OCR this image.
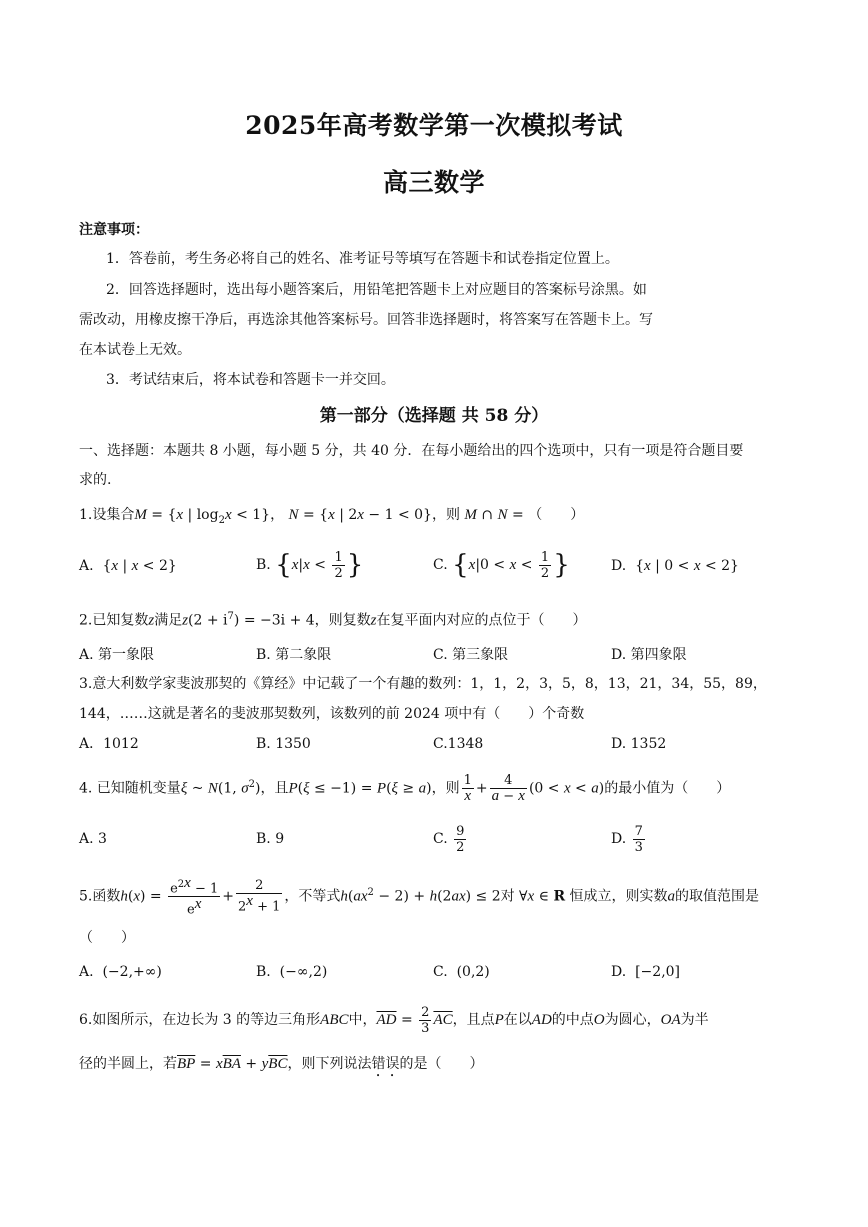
2025年高考数学第一次模拟考试
高三数学
注意事项：
1．答卷前，考生务必将自己的姓名、准考证号等填写在答题卡和试卷指定位置上。
2．回答选择题时，选出每小题答案后，用铅笔把答题卡上对应题目的答案标号涂黑。如
需改动，用橡皮擦干净后，再选涂其他答案标号。回答非选择题时，将答案写在答题卡上。写
在本试卷上无效。
3．考试结束后，将本试卷和答题卡一并交回。
第一部分（选择题 共 58 分）
一、选择题：本题共 8 小题，每小题 5 分，共 40 分．在每小题给出的四个选项中，只有一项是符合题目要
求的.
1.设集合M = {x | $\log_2x < 1$}， N = {x | 2x − 1 < 0}，则 M ∩ N = （　　）
A.  {x | x < 2}	B. {$x|x < \frac{1}{2}$ }	C. {$x|0 < x < \frac{1}{2}$ }	D.  {x | 0 < x < 2}
2.已知复数z满足$z(2 + i^7) = -3i + 4$，则复数z在复平面内对应的点位于（　　）
A. 第一象限	B. 第二象限	C. 第三象限	D. 第四象限
3.意大利数学家斐波那契的《算经》中记载了一个有趣的数列：1，1，2，3，5，8，13，21，34，55，89，
144，……这就是著名的斐波那契数列，该数列的前 2024 项中有（　　）个奇数
A．1012	B. 1350	C.1348	D. 1352
4. 已知随机变量ξ ~ N(1, $\sigma^2$)，且P(ξ ≤ −1) = P(ξ ≥ a)，则 $\frac{1}{x} + \frac{4}{a - x} (0 < x < a)$的最小值为（　　）
A. 3	B. 9	C. $\frac{9}{2}$	D. $\frac{7}{3}$
5.函数$h(x) = \frac{e^{2x} - 1}{e^x} + \frac{2}{2^x + 1}$ ，不等式$h(ax^2 - 2) + h(2ax) \le 2$对 ∀x ∈ R 恒成立，则实数a的取值范围是
（　　）
A. (−2,+∞)	B. (−∞,2)	C. (0,2)	D. [−2,0]
6.如图所示，在边长为 3 的等边三角形ABC中，$\overline{AD} = \frac{2}{3} \overline{AC}$，且点P在以AD的中点O为圆心，OA为半
径的半圆上，若$\overline{BP} = x\overline{BA} + y\overline{BC}$，则下列说法错误的是（　　）
